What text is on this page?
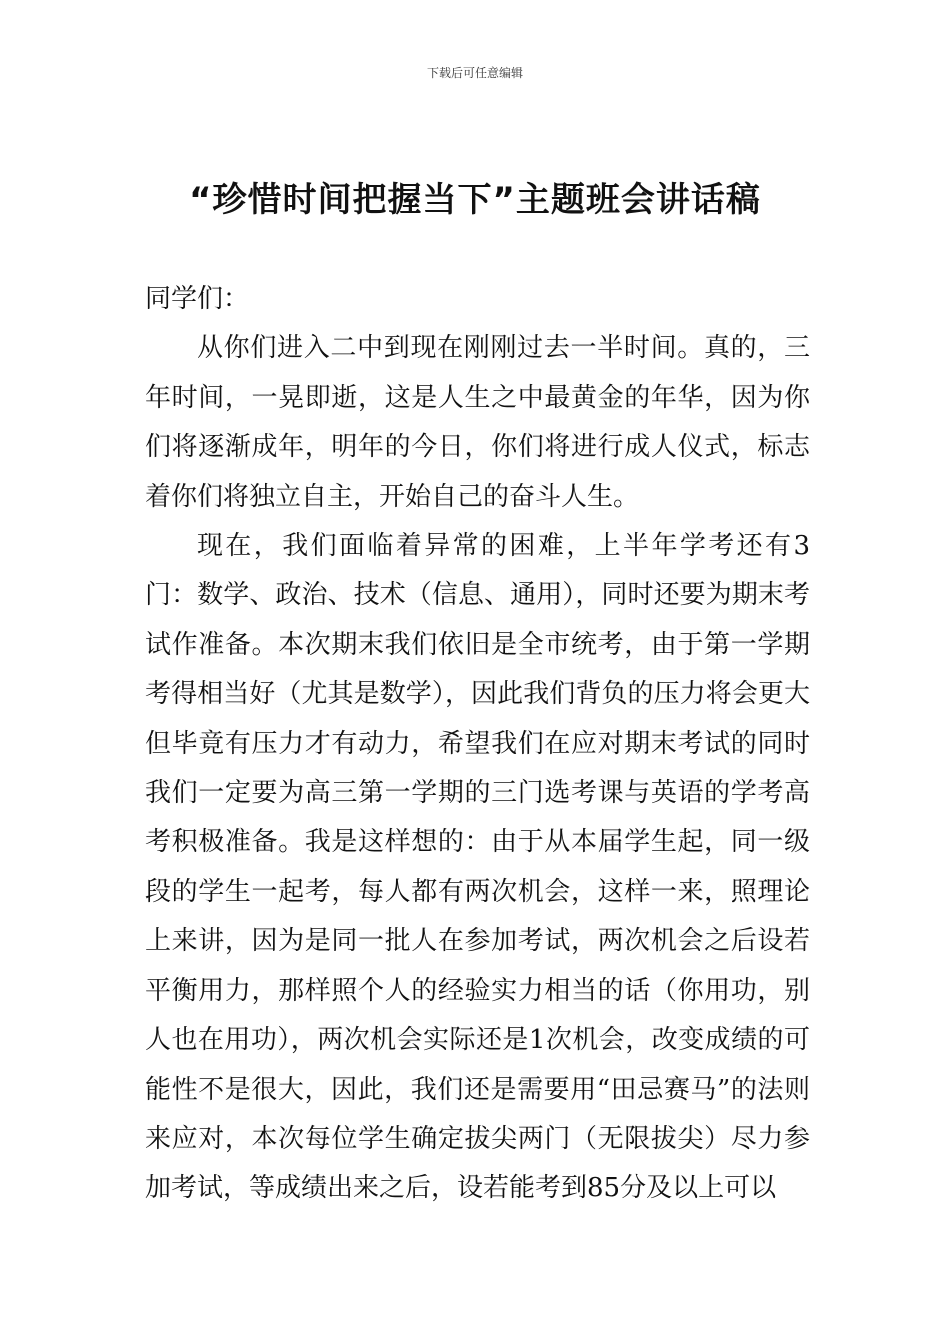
下载后可任意编辑
“珍惜时间把握当下”主题班会讲话稿

同学们：

从你们进入二中到现在刚刚过去一半时间。真的，三年时间，一晃即逝，这是人生之中最黄金的年华，因为你们将逐渐成年，明年的今日，你们将进行成人仪式，标志着你们将独立自主，开始自己的奋斗人生。

现在，我们面临着异常的困难，上半年学考还有3门：数学、政治、技术（信息、通用），同时还要为期末考试作准备。本次期末我们依旧是全市统考，由于第一学期考得相当好（尤其是数学），因此我们背负的压力将会更大但毕竟有压力才有动力，希望我们在应对期末考试的同时我们一定要为高三第一学期的三门选考课与英语的学考高考积极准备。我是这样想的：由于从本届学生起，同一级段的学生一起考，每人都有两次机会，这样一来，照理论上来讲，因为是同一批人在参加考试，两次机会之后设若平衡用力，那样照个人的经验实力相当的话（你用功，别人也在用功），两次机会实际还是1次机会，改变成绩的可能性不是很大，因此，我们还是需要用“田忌赛马”的法则来应对，本次每位学生确定拔尖两门（无限拔尖）尽力参加考试，等成绩出来之后，设若能考到85分及以上可以
